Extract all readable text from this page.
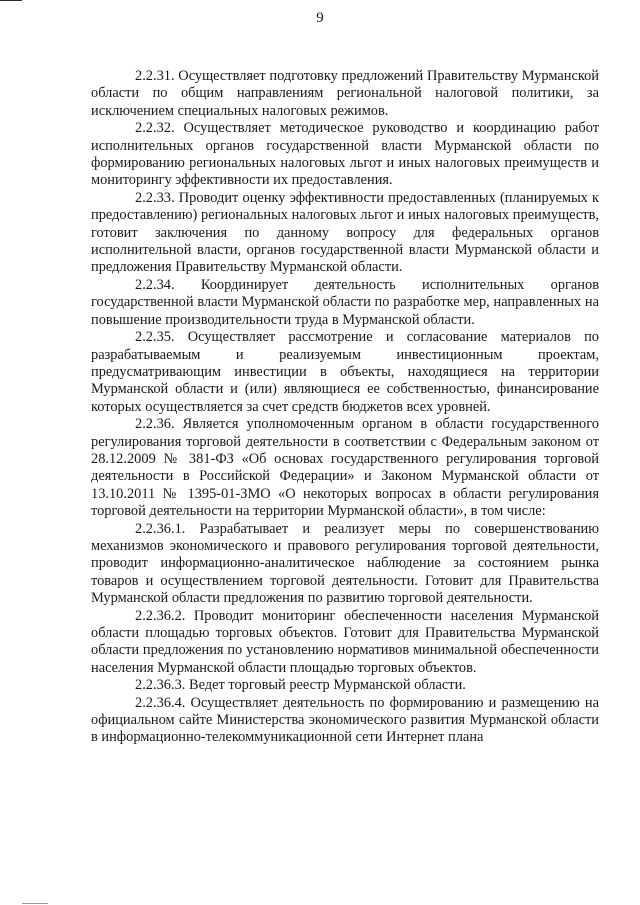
9

2.2.31. Осуществляет подготовку предложений Правительству Мурманской области по общим направлениям региональной налоговой политики, за исключением специальных налоговых режимов.

2.2.32. Осуществляет методическое руководство и координацию работ исполнительных органов государственной власти Мурманской области по формированию региональных налоговых льгот и иных налоговых преимуществ и мониторингу эффективности их предоставления.

2.2.33. Проводит оценку эффективности предоставленных (планируемых к предоставлению) региональных налоговых льгот и иных налоговых преимуществ, готовит заключения по данному вопросу для федеральных органов исполнительной власти, органов государственной власти Мурманской области и предложения Правительству Мурманской области.

2.2.34. Координирует деятельность исполнительных органов государственной власти Мурманской области по разработке мер, направленных на повышение производительности труда в Мурманской области.

2.2.35. Осуществляет рассмотрение и согласование материалов по разрабатываемым и реализуемым инвестиционным проектам, предусматривающим инвестиции в объекты, находящиеся на территории Мурманской области и (или) являющиеся ее собственностью, финансирование которых осуществляется за счет средств бюджетов всех уровней.

2.2.36. Является уполномоченным органом в области государственного регулирования торговой деятельности в соответствии с Федеральным законом от 28.12.2009 № 381-ФЗ «Об основах государственного регулирования торговой деятельности в Российской Федерации» и Законом Мурманской области от 13.10.2011 № 1395-01-ЗМО «О некоторых вопросах в области регулирования торговой деятельности на территории Мурманской области», в том числе:

2.2.36.1. Разрабатывает и реализует меры по совершенствованию механизмов экономического и правового регулирования торговой деятельности, проводит информационно-аналитическое наблюдение за состоянием рынка товаров и осуществлением торговой деятельности. Готовит для Правительства Мурманской области предложения по развитию торговой деятельности.

2.2.36.2. Проводит мониторинг обеспеченности населения Мурманской области площадью торговых объектов. Готовит для Правительства Мурманской области предложения по установлению нормативов минимальной обеспеченности населения Мурманской области площадью торговых объектов.

2.2.36.3. Ведет торговый реестр Мурманской области.

2.2.36.4. Осуществляет деятельность по формированию и размещению на официальном сайте Министерства экономического развития Мурманской области в информационно-телекоммуникационной сети Интернет плана
